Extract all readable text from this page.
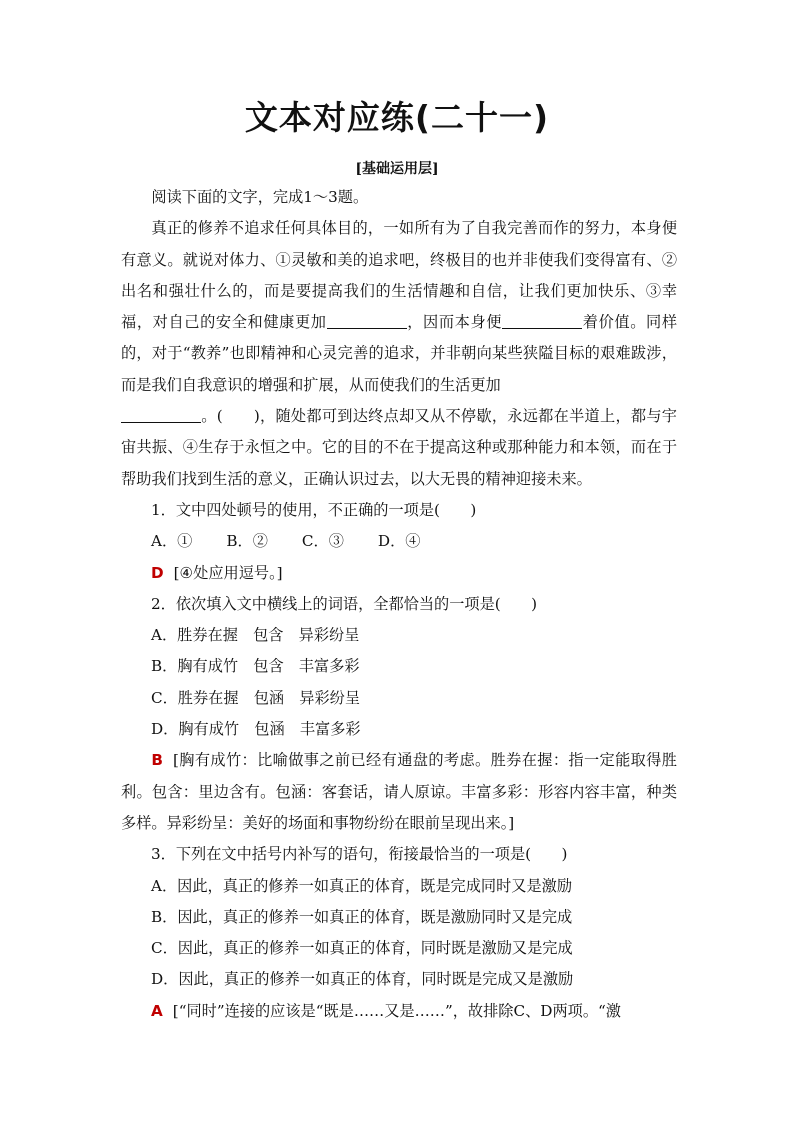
文本对应练(二十一)
[基础运用层]

阅读下面的文字，完成1～3题。

真正的修养不追求任何具体目的，一如所有为了自我完善而作的努力，本身便有意义。就说对体力、①灵敏和美的追求吧，终极目的也并非使我们变得富有、②出名和强壮什么的，而是要提高我们的生活情趣和自信，让我们更加快乐、③幸福，对自己的安全和健康更加	，因而本身便	着价值。同样的，对于“教养”也即精神和心灵完善的追求，并非朝向某些狭隘目标的艰难跋涉，而是我们自我意识的增强和扩展，从而使我们的生活更加
。(　　)，随处都可到达终点却又从不停歇，永远都在半道上，都与宇宙共振、④生存于永恒之中。它的目的不在于提高这种或那种能力和本领，而在于帮助我们找到生活的意义，正确认识过去，以大无畏的精神迎接未来。

1．文中四处顿号的使用，不正确的一项是(　　)

A．① B．② C．③ D．④

D [④处应用逗号。]

2．依次填入文中横线上的词语，全都恰当的一项是(　　)

A．胜券在握　包含　异彩纷呈

B．胸有成竹　包含　丰富多彩

C．胜券在握　包涵　异彩纷呈

D．胸有成竹　包涵　丰富多彩

B [胸有成竹：比喻做事之前已经有通盘的考虑。胜券在握：指一定能取得胜利。包含：里边含有。包涵：客套话，请人原谅。丰富多彩：形容内容丰富，种类多样。异彩纷呈：美好的场面和事物纷纷在眼前呈现出来。]

3．下列在文中括号内补写的语句，衔接最恰当的一项是(　　)

A．因此，真正的修养一如真正的体育，既是完成同时又是激励

B．因此，真正的修养一如真正的体育，既是激励同时又是完成

C．因此，真正的修养一如真正的体育，同时既是激励又是完成

D．因此，真正的修养一如真正的体育，同时既是完成又是激励

A [“同时”连接的应该是“既是……又是……”，故排除C、D两项。“激
